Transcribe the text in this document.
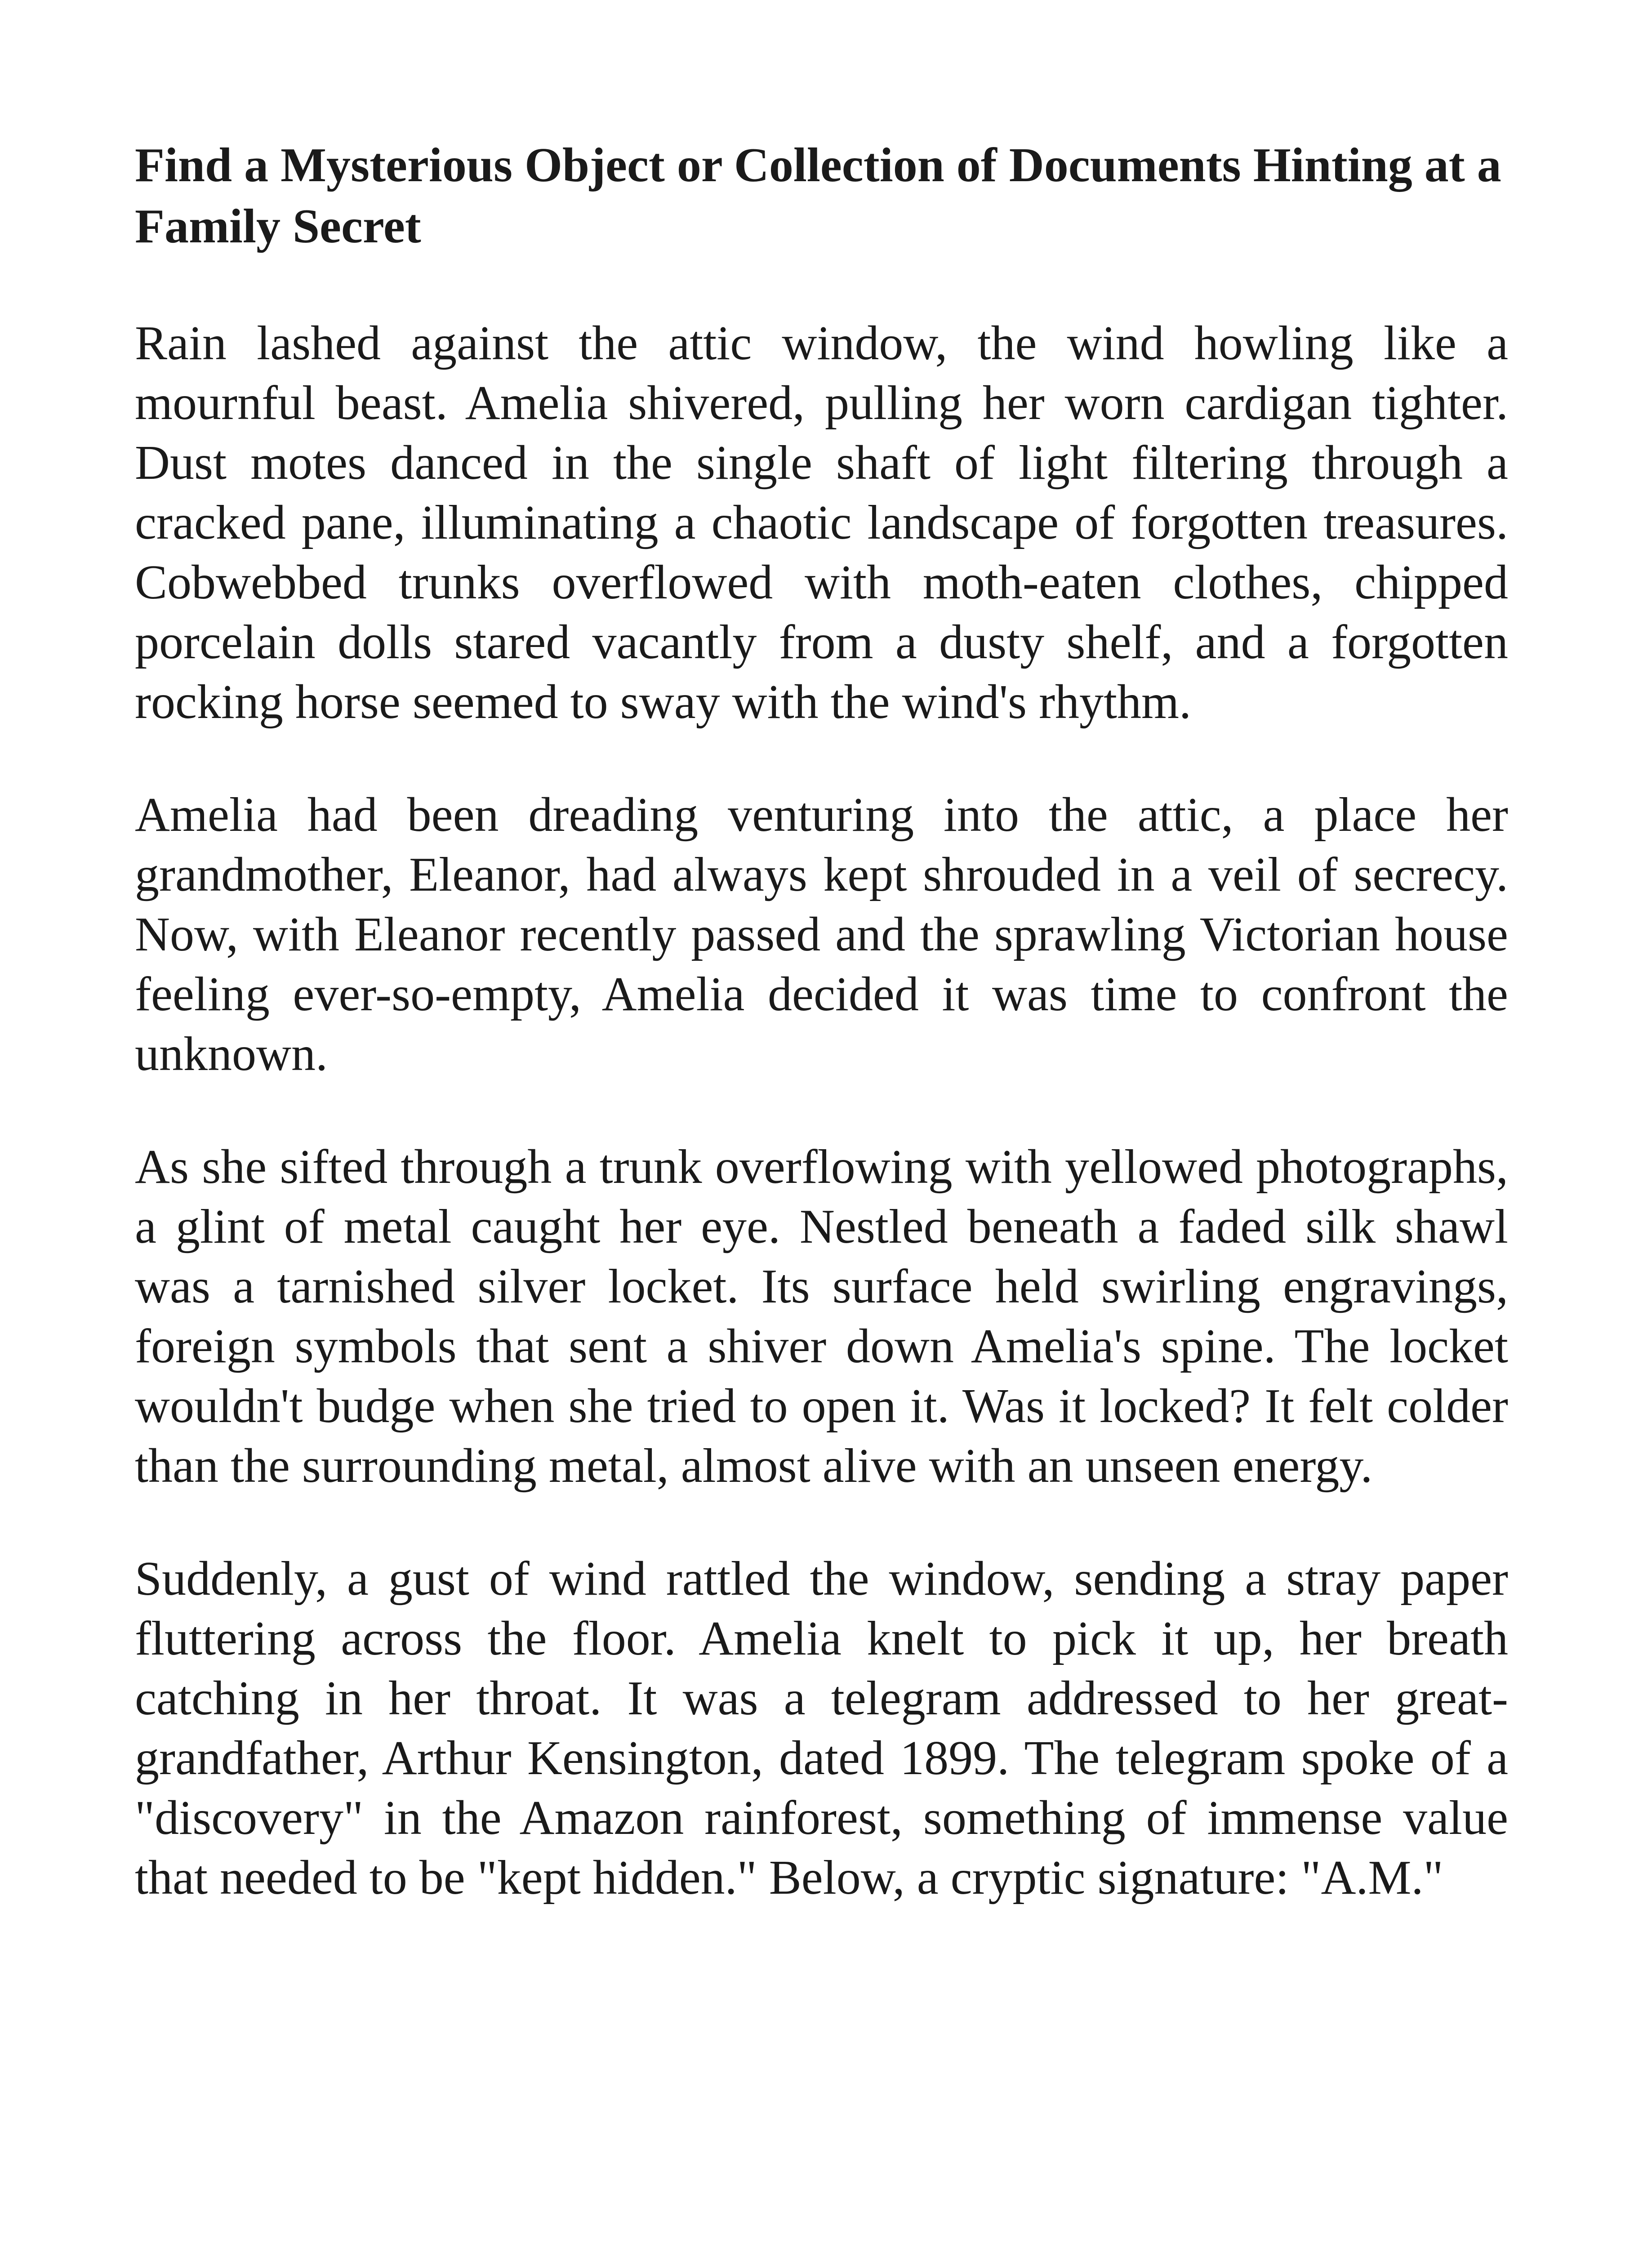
Find a Mysterious Object or Collection of Documents Hinting at a Family Secret

Rain lashed against the attic window, the wind howling like a mournful beast. Amelia shivered, pulling her worn cardigan tighter. Dust motes danced in the single shaft of light filtering through a cracked pane, illuminating a chaotic landscape of forgotten treasures. Cobwebbed trunks overflowed with moth-eaten clothes, chipped porcelain dolls stared vacantly from a dusty shelf, and a forgotten rocking horse seemed to sway with the wind's rhythm.

Amelia had been dreading venturing into the attic, a place her grandmother, Eleanor, had always kept shrouded in a veil of secrecy. Now, with Eleanor recently passed and the sprawling Victorian house feeling ever-so-empty, Amelia decided it was time to confront the unknown.

As she sifted through a trunk overflowing with yellowed photographs, a glint of metal caught her eye. Nestled beneath a faded silk shawl was a tarnished silver locket. Its surface held swirling engravings, foreign symbols that sent a shiver down Amelia's spine. The locket wouldn't budge when she tried to open it. Was it locked? It felt colder than the surrounding metal, almost alive with an unseen energy.

Suddenly, a gust of wind rattled the window, sending a stray paper fluttering across the floor. Amelia knelt to pick it up, her breath catching in her throat. It was a telegram addressed to her great-grandfather, Arthur Kensington, dated 1899. The telegram spoke of a "discovery" in the Amazon rainforest, something of immense value that needed to be "kept hidden." Below, a cryptic signature: "A.M."
